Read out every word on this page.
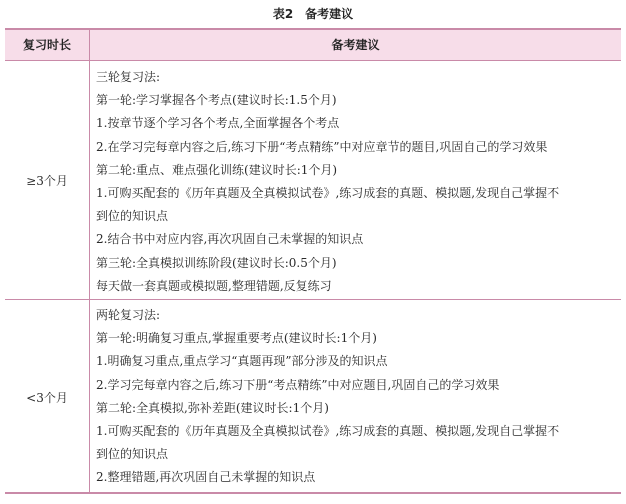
表2　备考建议
复习时长	备考建议
≥3个月
三轮复习法:
第一轮:学习掌握各个考点(建议时长:1.5个月)
1.按章节逐个学习各个考点,全面掌握各个考点
2.在学习完每章内容之后,练习下册“考点精练”中对应章节的题目,巩固自己的学习效果
第二轮:重点、难点强化训练(建议时长:1个月)
1.可购买配套的《历年真题及全真模拟试卷》,练习成套的真题、模拟题,发现自己掌握不
到位的知识点
2.结合书中对应内容,再次巩固自己未掌握的知识点
第三轮:全真模拟训练阶段(建议时长:0.5个月)
每天做一套真题或模拟题,整理错题,反复练习
<3个月
两轮复习法:
第一轮:明确复习重点,掌握重要考点(建议时长:1个月)
1.明确复习重点,重点学习“真题再现”部分涉及的知识点
2.学习完每章内容之后,练习下册“考点精练”中对应题目,巩固自己的学习效果
第二轮:全真模拟,弥补差距(建议时长:1个月)
1.可购买配套的《历年真题及全真模拟试卷》,练习成套的真题、模拟题,发现自己掌握不
到位的知识点
2.整理错题,再次巩固自己未掌握的知识点
